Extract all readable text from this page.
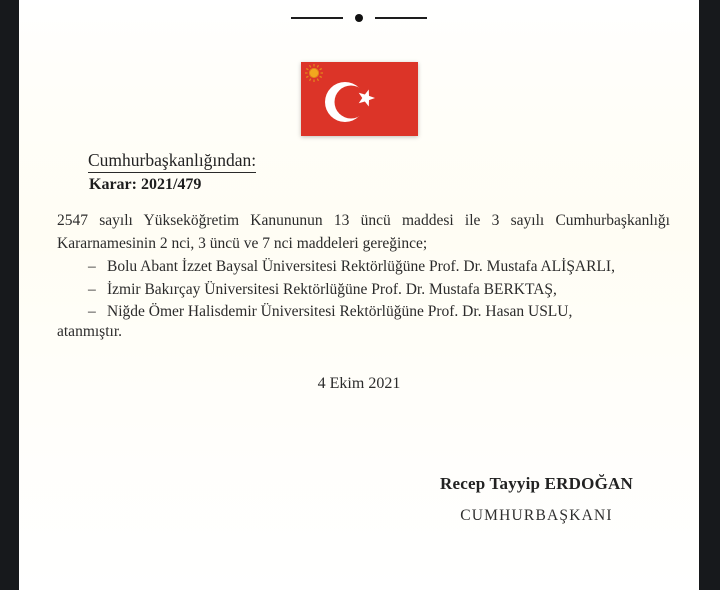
Cumhurbaşkanlığından:
Karar: 2021/479
2547 sayılı Yükseköğretim Kanununun 13 üncü maddesi ile 3 sayılı Cumhurbaşkanlığı
Kararnamesinin 2 nci, 3 üncü ve 7 nci maddeleri gereğince;
– Bolu Abant İzzet Baysal Üniversitesi Rektörlüğüne Prof. Dr. Mustafa ALİŞARLI,
– İzmir Bakırçay Üniversitesi Rektörlüğüne Prof. Dr. Mustafa BERKTAŞ,
– Niğde Ömer Halisdemir Üniversitesi Rektörlüğüne Prof. Dr. Hasan USLU,
atanmıştır.
4 Ekim 2021
Recep Tayyip ERDOĞAN
CUMHURBAŞKANI
